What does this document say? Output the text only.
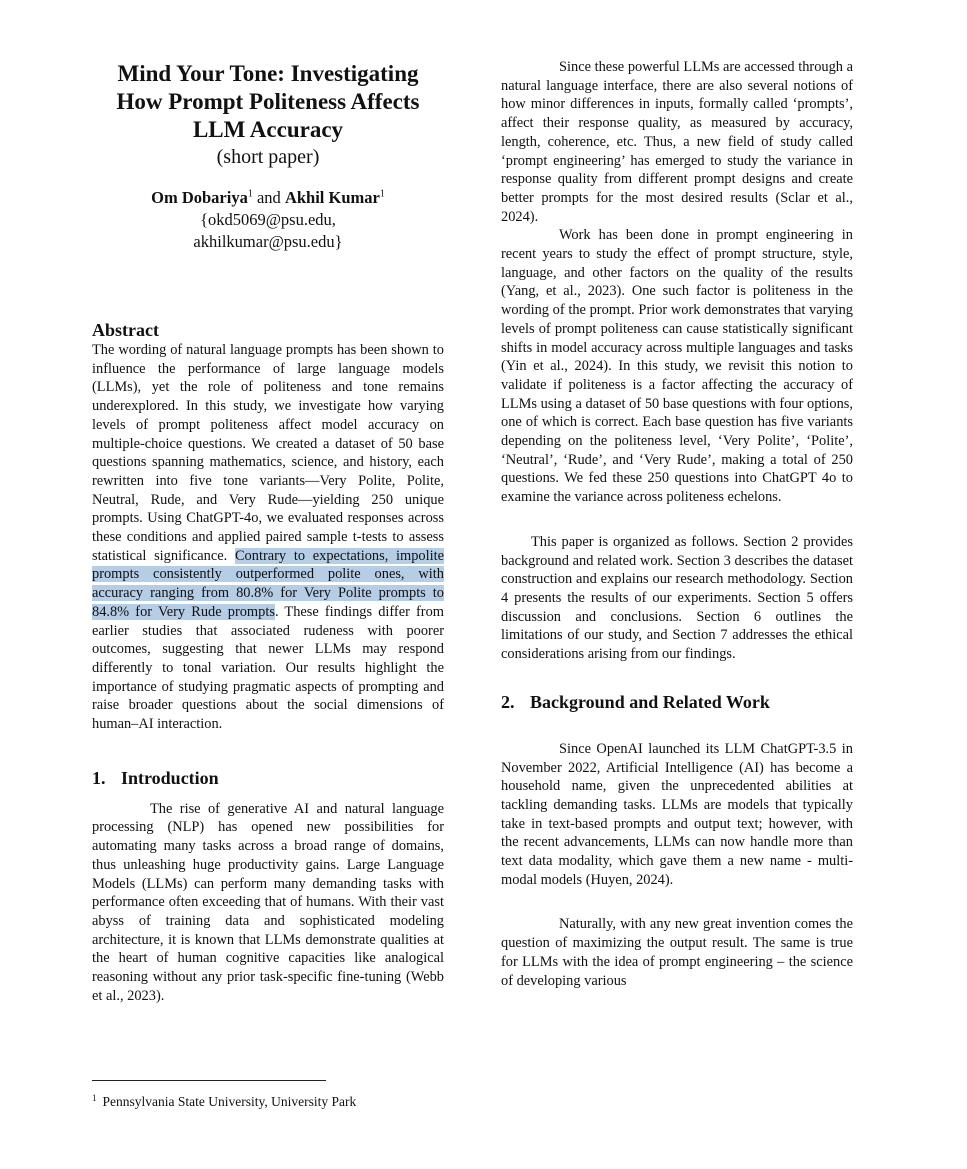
Mind Your Tone: Investigating How Prompt Politeness Affects LLM Accuracy
(short paper)
Om Dobariya$^1$ and Akhil Kumar$^1$
{okd5069@psu.edu,
akhilkumar@psu.edu}
Abstract

The wording of natural language prompts has been shown to influence the performance of large language models (LLMs), yet the role of politeness and tone remains underexplored. In this study, we investigate how varying levels of prompt politeness affect model accuracy on multiple-choice questions. We created a dataset of 50 base questions spanning mathematics, science, and history, each rewritten into five tone variants—Very Polite, Polite, Neutral, Rude, and Very Rude—yielding 250 unique prompts. Using ChatGPT-4o, we evaluated responses across these conditions and applied paired sample t-tests to assess statistical significance. Contrary to expectations, impolite prompts consistently outperformed polite ones, with accuracy ranging from 80.8% for Very Polite prompts to 84.8% for Very Rude prompts. These findings differ from earlier studies that associated rudeness with poorer outcomes, suggesting that newer LLMs may respond differently to tonal variation. Our results highlight the importance of studying pragmatic aspects of prompting and raise broader questions about the social dimensions of human–AI interaction.

1. Introduction

The rise of generative AI and natural language processing (NLP) has opened new possibilities for automating many tasks across a broad range of domains, thus unleashing huge productivity gains. Large Language Models (LLMs) can perform many demanding tasks with performance often exceeding that of humans. With their vast abyss of training data and sophisticated modeling architecture, it is known that LLMs demonstrate qualities at the heart of human cognitive capacities like analogical reasoning without any prior task-specific fine-tuning (Webb et al., 2023).

Since these powerful LLMs are accessed through a natural language interface, there are also several notions of how minor differences in inputs, formally called ‘prompts’, affect their response quality, as measured by accuracy, length, coherence, etc. Thus, a new field of study called ‘prompt engineering’ has emerged to study the variance in response quality from different prompt designs and create better prompts for the most desired results (Sclar et al., 2024).

Work has been done in prompt engineering in recent years to study the effect of prompt structure, style, language, and other factors on the quality of the results (Yang, et al., 2023). One such factor is politeness in the wording of the prompt. Prior work demonstrates that varying levels of prompt politeness can cause statistically significant shifts in model accuracy across multiple languages and tasks (Yin et al., 2024). In this study, we revisit this notion to validate if politeness is a factor affecting the accuracy of LLMs using a dataset of 50 base questions with four options, one of which is correct. Each base question has five variants depending on the politeness level, ‘Very Polite’, ‘Polite’, ‘Neutral’, ‘Rude’, and ‘Very Rude’, making a total of 250 questions. We fed these 250 questions into ChatGPT 4o to examine the variance across politeness echelons.

This paper is organized as follows. Section 2 provides background and related work. Section 3 describes the dataset construction and explains our research methodology. Section 4 presents the results of our experiments. Section 5 offers discussion and conclusions. Section 6 outlines the limitations of our study, and Section 7 addresses the ethical considerations arising from our findings.

2. Background and Related Work

Since OpenAI launched its LLM ChatGPT-3.5 in November 2022, Artificial Intelligence (AI) has become a household name, given the unprecedented abilities at tackling demanding tasks. LLMs are models that typically take in text-based prompts and output text; however, with the recent advancements, LLMs can now handle more than text data modality, which gave them a new name - multi-modal models (Huyen, 2024).

Naturally, with any new great invention comes the question of maximizing the output result. The same is true for LLMs with the idea of prompt engineering – the science of developing various

$^1$ Pennsylvania State University, University Park
